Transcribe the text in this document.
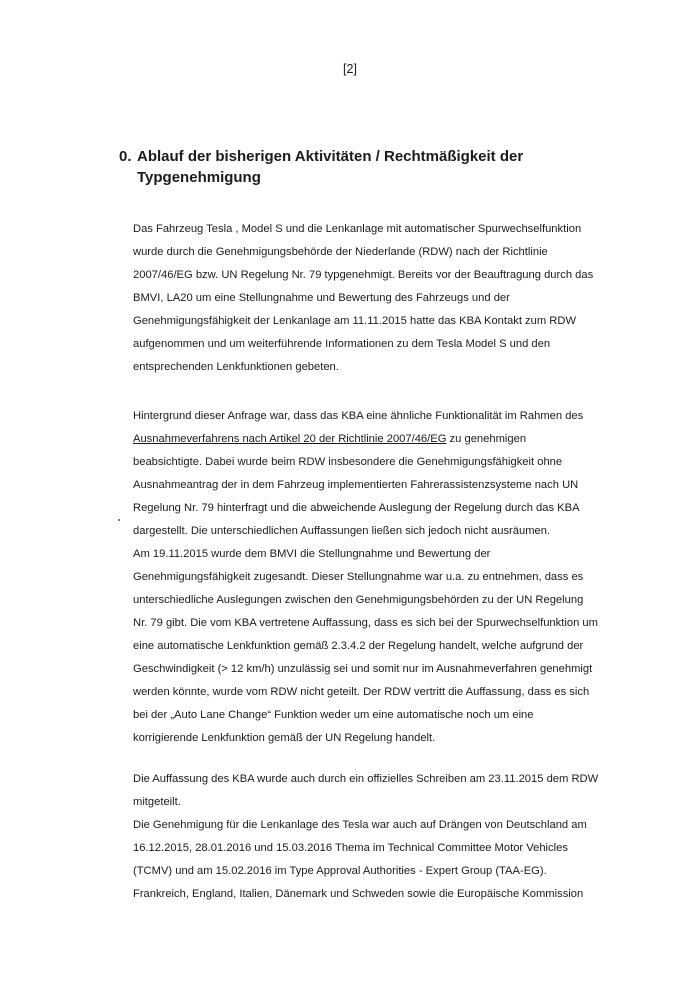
[2]
0. Ablauf der bisherigen Aktivitäten / Rechtmäßigkeit der
Typgenehmigung
Das Fahrzeug Tesla , Model S und die Lenkanlage mit automatischer Spurwechselfunktion
wurde durch die Genehmigungsbehörde der Niederlande (RDW) nach der Richtlinie
2007/46/EG bzw. UN Regelung Nr. 79 typgenehmigt. Bereits vor der Beauftragung durch das
BMVI, LA20 um eine Stellungnahme und Bewertung des Fahrzeugs und der
Genehmigungsfähigkeit der Lenkanlage am 11.11.2015 hatte das KBA Kontakt zum RDW
aufgenommen und um weiterführende Informationen zu dem Tesla Model S und den
entsprechenden Lenkfunktionen gebeten.
Hintergrund dieser Anfrage war, dass das KBA eine ähnliche Funktionalität im Rahmen des
Ausnahmeverfahrens nach Artikel 20 der Richtlinie 2007/46/EG zu genehmigen
beabsichtigte. Dabei wurde beim RDW insbesondere die Genehmigungsfähigkeit ohne
Ausnahmeantrag der in dem Fahrzeug implementierten Fahrerassistenzsysteme nach UN
Regelung Nr. 79 hinterfragt und die abweichende Auslegung der Regelung durch das KBA
dargestellt. Die unterschiedlichen Auffassungen ließen sich jedoch nicht ausräumen.
Am 19.11.2015 wurde dem BMVI die Stellungnahme und Bewertung der
Genehmigungsfähigkeit zugesandt. Dieser Stellungnahme war u.a. zu entnehmen, dass es
unterschiedliche Auslegungen zwischen den Genehmigungsbehörden zu der UN Regelung
Nr. 79 gibt. Die vom KBA vertretene Auffassung, dass es sich bei der Spurwechselfunktion um
eine automatische Lenkfunktion gemäß 2.3.4.2 der Regelung handelt, welche aufgrund der
Geschwindigkeit (> 12 km/h) unzulässig sei und somit nur im Ausnahmeverfahren genehmigt
werden könnte, wurde vom RDW nicht geteilt. Der RDW vertritt die Auffassung, dass es sich
bei der „Auto Lane Change“ Funktion weder um eine automatische noch um eine
korrigierende Lenkfunktion gemäß der UN Regelung handelt.
Die Auffassung des KBA wurde auch durch ein offizielles Schreiben am 23.11.2015 dem RDW
mitgeteilt.
Die Genehmigung für die Lenkanlage des Tesla war auch auf Drängen von Deutschland am
16.12.2015, 28.01.2016 und 15.03.2016 Thema im Technical Committee Motor Vehicles
(TCMV) und am 15.02.2016 im Type Approval Authorities - Expert Group (TAA-EG).
Frankreich, England, Italien, Dänemark und Schweden sowie die Europäische Kommission
